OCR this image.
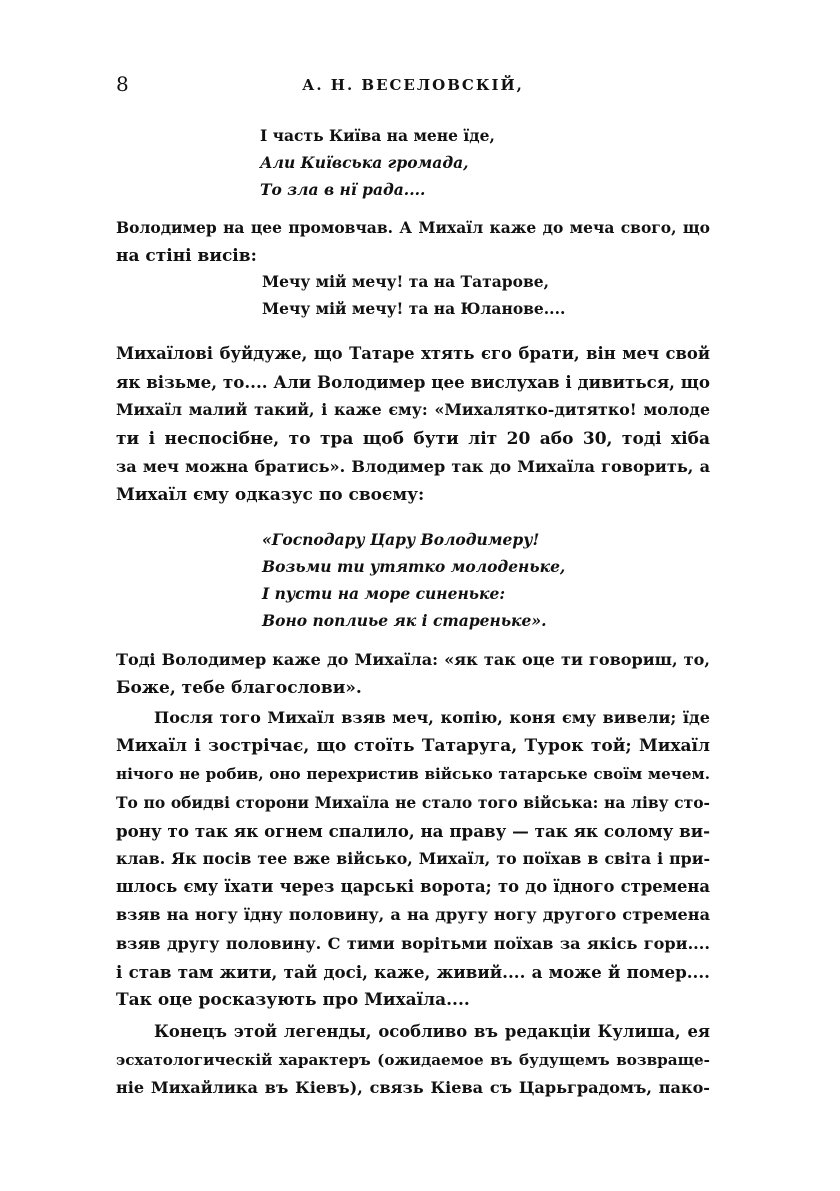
8	А. Н. ВЕСЕЛОВСКІЙ,
І часть Київа на мене їде,
Али Київська громада,
То зла в нї рада....
Володимер на цее промовчав. А Михаїл каже до меча свого, що
на стіні висів:
Мечу мій мечу! та на Татарове,
Мечу мій мечу! та на Юланове....
Михаїлові буйдуже, що Татаре хтять єго брати, він меч свой
як візьме, то.... Али Володимер цее вислухав і дивиться, що
Михаїл малий такий, і каже єму: «Михалятко-дитятко! молоде
ти і неспосібне, то тра щоб бути літ 20 або 30, тоді хіба
за меч можна братись». Влодимер так до Михаїла говорить, а
Михаїл єму одказус по своєму:
«Господару Цару Володимеру!
Возьми ти утятко молоденьке,
І пусти на море синеньке:
Воно поплиье як і стареньке».
Тоді Володимер каже до Михаїла: «як так оце ти говориш, то,
Боже, тебе благослови».
Посля того Михаїл взяв меч, копію, коня єму вивели; їде
Михаїл і зострічає, що стоїть Татаруга, Турок той; Михаїл
нічого не робив, оно перехристив військо татарське своїм мечем.
То по обидві сторони Михаїла не стало того війська: на ліву сто-
рону то так як огнем спалило, на праву — так як солому ви-
клав. Як посів тее вже військо, Михаїл, то поїхав в світа і при-
шлось єму їхати через царські ворота; то до їдного стремена
взяв на ногу їдну половину, а на другу ногу другого стремена
взяв другу половину. С тими ворітьми поїхав за якісь гори....
і став там жити, тай досі, каже, живий.... а може й помер....
Так оце росказують про Михаїла....
Конецъ этой легенды, особливо въ редакціи Кулиша, ея
эсхатологическій характеръ (ожидаемое въ будущемъ возвраще-
ніе Михайлика въ Кіевъ), связь Кіева съ Царьградомъ, пако-
